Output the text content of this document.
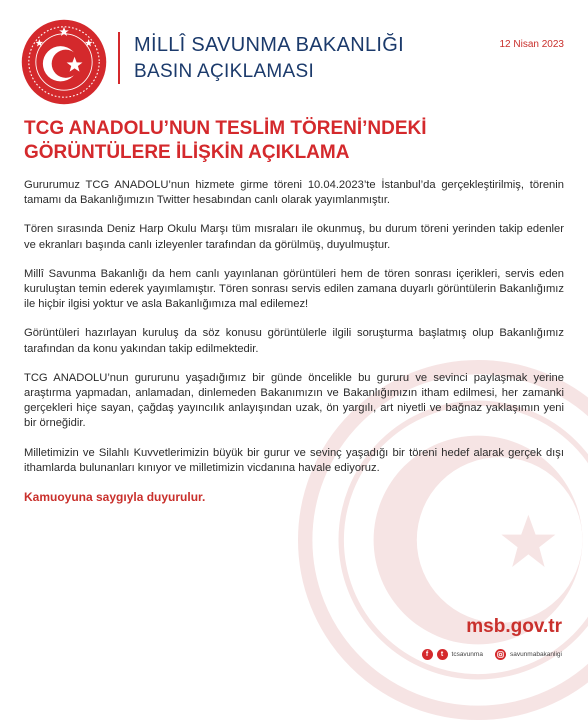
MİLLÎ SAVUNMA BAKANLIĞI
BASIN AÇIKLAMASI
12 Nisan 2023
TCG ANADOLU’NUN TESLİM TÖRENİ’NDEKİ
GÖRÜNTÜLERE İLİŞKİN AÇIKLAMA

Gururumuz TCG ANADOLU’nun hizmete girme töreni 10.04.2023’te İstanbul’da gerçekleştirilmiş, törenin tamamı da Bakanlığımızın Twitter hesabından canlı olarak yayımlanmıştır.

Tören sırasında Deniz Harp Okulu Marşı tüm mısraları ile okunmuş, bu durum töreni yerinden takip edenler ve ekranları başında canlı izleyenler tarafından da görülmüş, duyulmuştur.

Millî Savunma Bakanlığı da hem canlı yayınlanan görüntüleri hem de tören sonrası içerikleri, servis eden kuruluştan temin ederek yayımlamıştır. Tören sonrası servis edilen zamana duyarlı görüntülerin Bakanlığımız ile hiçbir ilgisi yoktur ve asla Bakanlığımıza mal edilemez!

Görüntüleri hazırlayan kuruluş da söz konusu görüntülerle ilgili soruşturma başlatmış olup Bakanlığımız tarafından da konu yakından takip edilmektedir.

TCG ANADOLU’nun gururunu yaşadığımız bir günde öncelikle bu gururu ve sevinci paylaşmak yerine araştırma yapmadan, anlamadan, dinlemeden Bakanımızın ve Bakanlığımızın itham edilmesi, her zamanki gerçekleri hiçe sayan, çağdaş yayıncılık anlayışından uzak, ön yargılı, art niyetli ve bağnaz yaklaşımın yeni bir örneğidir.

Milletimizin ve Silahlı Kuvvetlerimizin büyük bir gurur ve sevinç yaşadığı bir töreni hedef alarak gerçek dışı ithamlarda bulunanları kınıyor ve milletimizin vicdanına havale ediyoruz.

Kamuoyuna saygıyla duyurulur.
msb.gov.tr
f	t	tcsavunma	savunmabakanligi
